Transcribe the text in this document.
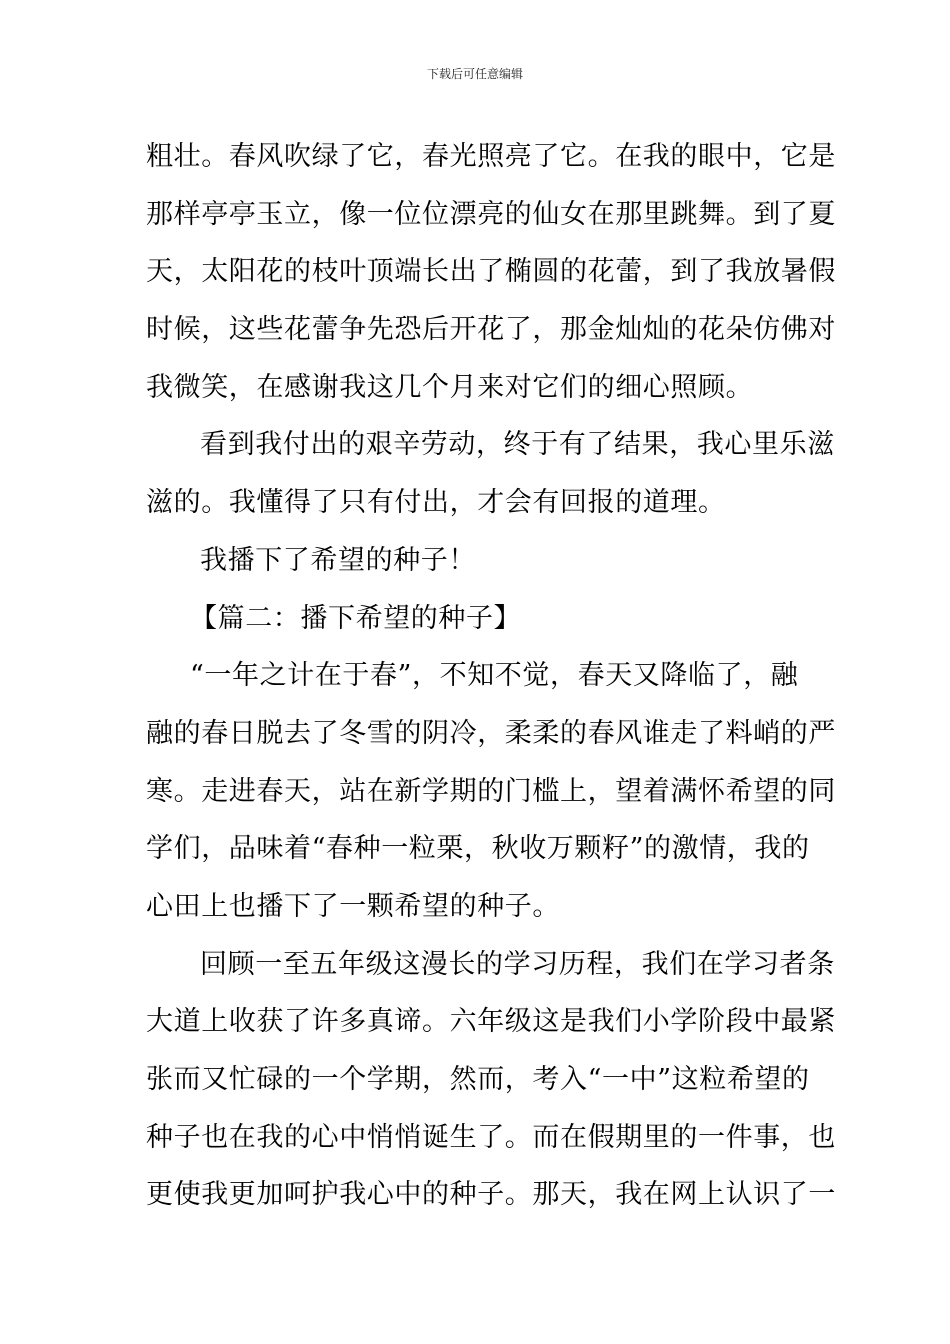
下载后可任意编辑
粗壮。春风吹绿了它，春光照亮了它。在我的眼中，它是
那样亭亭玉立，像一位位漂亮的仙女在那里跳舞。到了夏
天，太阳花的枝叶顶端长出了椭圆的花蕾，到了我放暑假
时候，这些花蕾争先恐后开花了，那金灿灿的花朵仿佛对
我微笑，在感谢我这几个月来对它们的细心照顾。
看到我付出的艰辛劳动，终于有了结果，我心里乐滋
滋的。我懂得了只有付出，才会有回报的道理。
我播下了希望的种子！
【篇二：播下希望的种子】
“一年之计在于春”，不知不觉，春天又降临了，融
融的春日脱去了冬雪的阴冷，柔柔的春风谁走了料峭的严
寒。走进春天，站在新学期的门槛上，望着满怀希望的同
学们，品味着“春种一粒栗，秋收万颗籽”的激情，我的
心田上也播下了一颗希望的种子。
回顾一至五年级这漫长的学习历程，我们在学习者条
大道上收获了许多真谛。六年级这是我们小学阶段中最紧
张而又忙碌的一个学期，然而，考入“一中”这粒希望的
种子也在我的心中悄悄诞生了。而在假期里的一件事，也
更使我更加呵护我心中的种子。那天，我在网上认识了一
